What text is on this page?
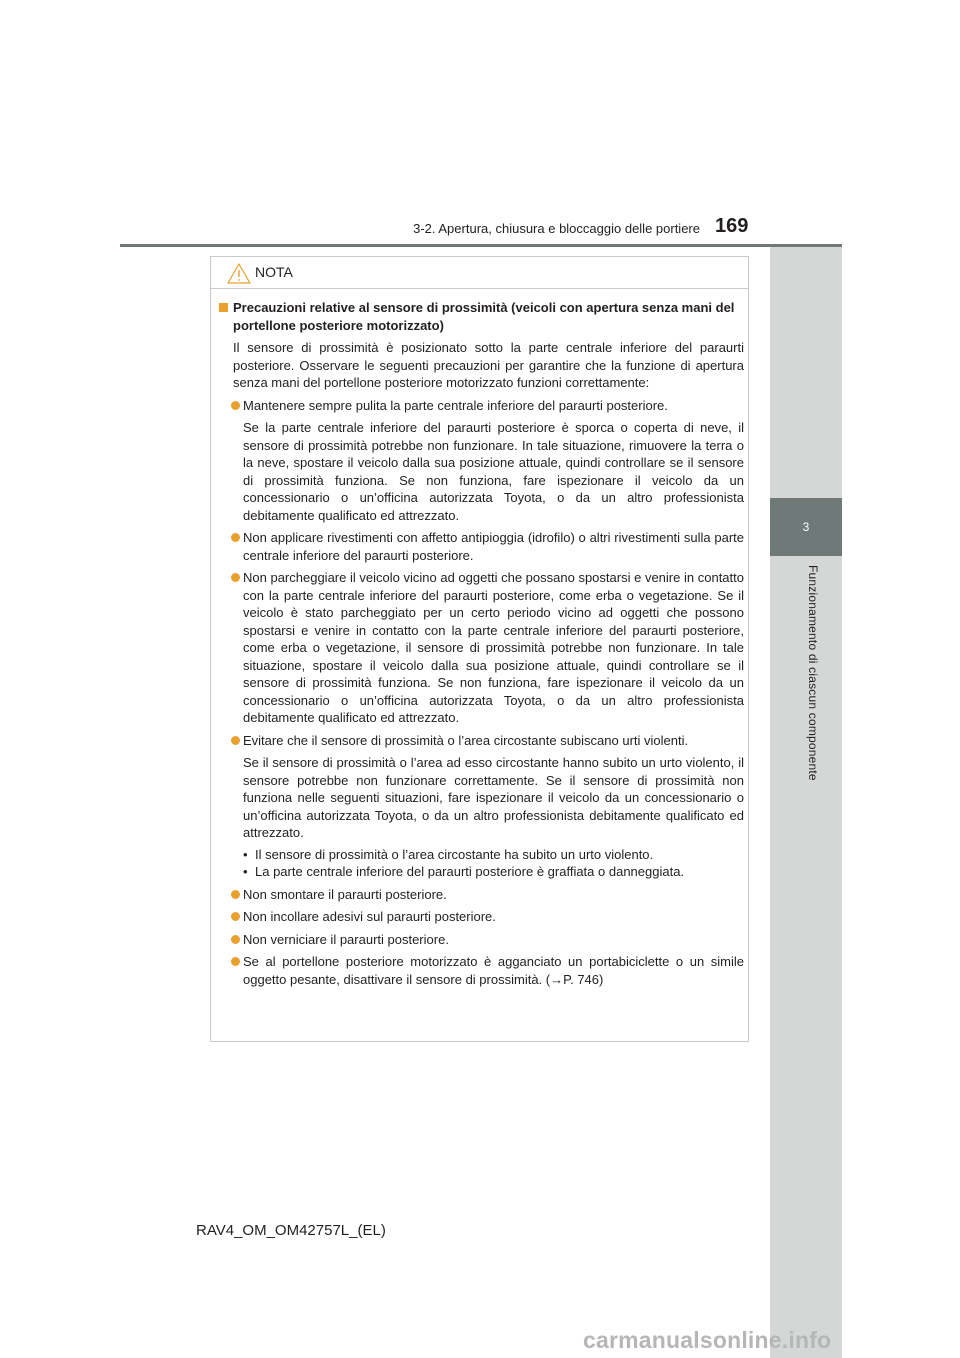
3-2. Apertura, chiusura e bloccaggio delle portiere 169
3
Funzionamento di ciascun componente
NOTA
Precauzioni relative al sensore di prossimità (veicoli con apertura senza mani del portellone posteriore motorizzato)
Il sensore di prossimità è posizionato sotto la parte centrale inferiore del paraurti posteriore. Osservare le seguenti precauzioni per garantire che la funzione di apertura senza mani del portellone posteriore motorizzato funzioni correttamente:
Mantenere sempre pulita la parte centrale inferiore del paraurti posteriore.
Se la parte centrale inferiore del paraurti posteriore è sporca o coperta di neve, il sensore di prossimità potrebbe non funzionare. In tale situazione, rimuovere la terra o la neve, spostare il veicolo dalla sua posizione attuale, quindi controllare se il sensore di prossimità funziona. Se non funziona, fare ispezionare il veicolo da un concessionario o un’officina autorizzata Toyota, o da un altro professionista debitamente qualificato ed attrezzato.
Non applicare rivestimenti con affetto antipioggia (idrofilo) o altri rivestimenti sulla parte centrale inferiore del paraurti posteriore.
Non parcheggiare il veicolo vicino ad oggetti che possano spostarsi e venire in contatto con la parte centrale inferiore del paraurti posteriore, come erba o vegetazione. Se il veicolo è stato parcheggiato per un certo periodo vicino ad oggetti che possono spostarsi e venire in contatto con la parte centrale inferiore del paraurti posteriore, come erba o vegetazione, il sensore di prossimità potrebbe non funzionare. In tale situazione, spostare il veicolo dalla sua posizione attuale, quindi controllare se il sensore di prossimità funziona. Se non funziona, fare ispezionare il veicolo da un concessionario o un’officina autorizzata Toyota, o da un altro professionista debitamente qualificato ed attrezzato.
Evitare che il sensore di prossimità o l’area circostante subiscano urti violenti.
Se il sensore di prossimità o l’area ad esso circostante hanno subito un urto violento, il sensore potrebbe non funzionare correttamente. Se il sensore di prossimità non funziona nelle seguenti situazioni, fare ispezionare il veicolo da un concessionario o un’officina autorizzata Toyota, o da un altro professionista debitamente qualificato ed attrezzato.
• Il sensore di prossimità o l’area circostante ha subito un urto violento.
• La parte centrale inferiore del paraurti posteriore è graffiata o danneggiata.
Non smontare il paraurti posteriore.
Non incollare adesivi sul paraurti posteriore.
Non verniciare il paraurti posteriore.
Se al portellone posteriore motorizzato è agganciato un portabiciclette o un simile oggetto pesante, disattivare il sensore di prossimità. (→P. 746)
RAV4_OM_OM42757L_(EL)
carmanualsonline.info
